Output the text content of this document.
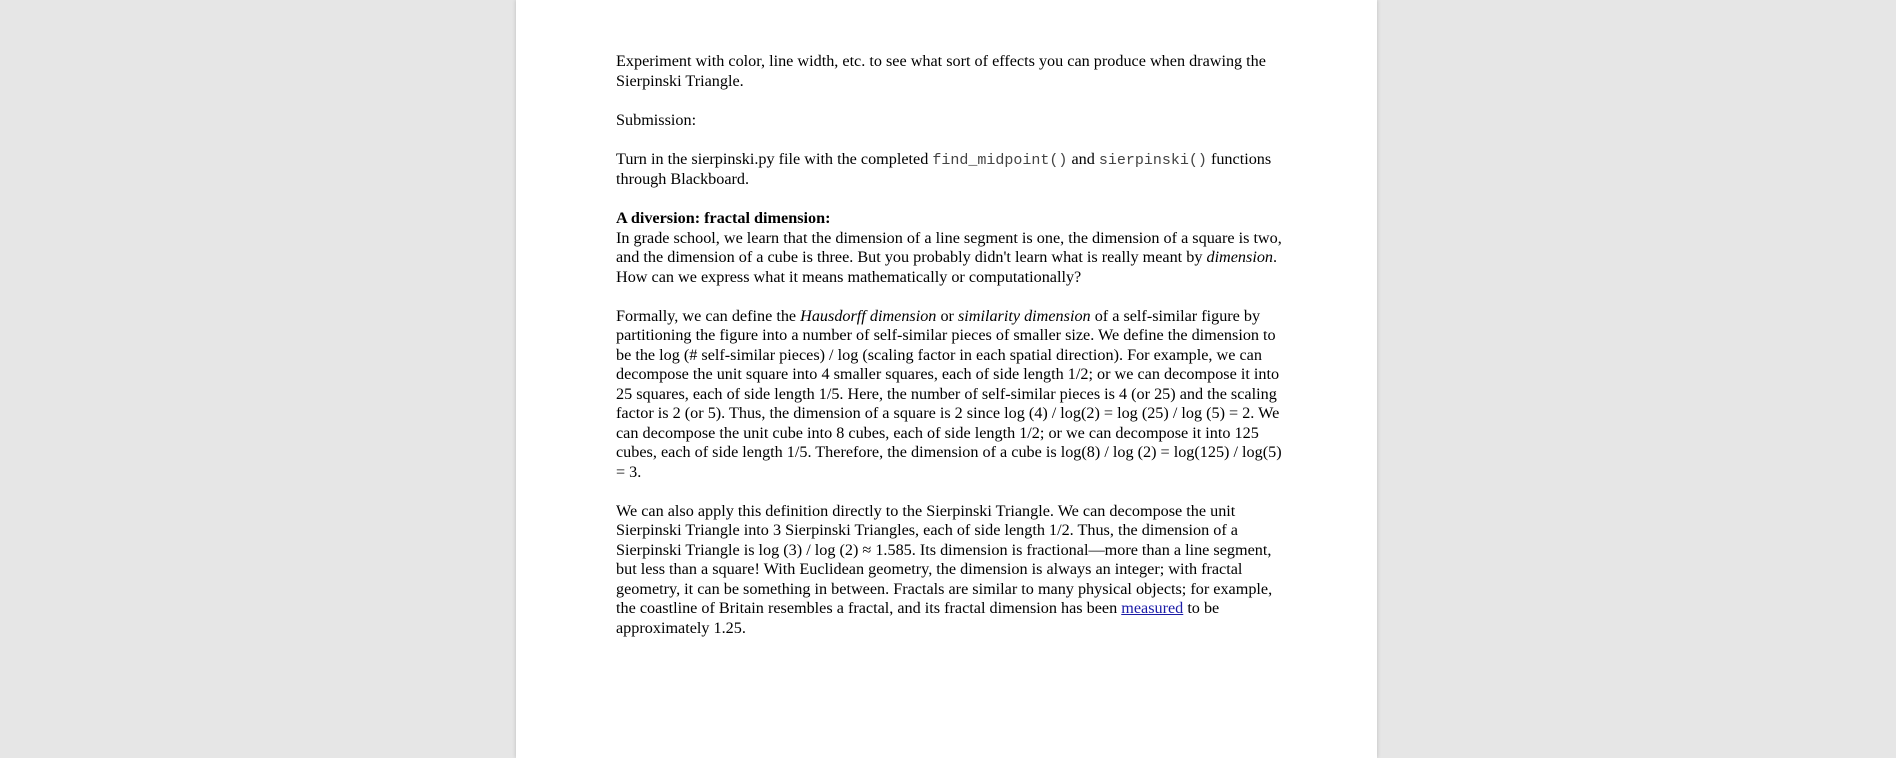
Experiment with color, line width, etc. to see what sort of effects you can produce when drawing the Sierpinski Triangle.

Submission:

Turn in the sierpinski.py file with the completed find_midpoint() and sierpinski() functions through Blackboard.

A diversion: fractal dimension:
In grade school, we learn that the dimension of a line segment is one, the dimension of a square is two, and the dimension of a cube is three. But you probably didn't learn what is really meant by dimension. How can we express what it means mathematically or computationally?

Formally, we can define the Hausdorff dimension or similarity dimension of a self-similar figure by partitioning the figure into a number of self-similar pieces of smaller size. We define the dimension to be the log (# self-similar pieces) / log (scaling factor in each spatial direction). For example, we can decompose the unit square into 4 smaller squares, each of side length 1/2; or we can decompose it into 25 squares, each of side length 1/5. Here, the number of self-similar pieces is 4 (or 25) and the scaling factor is 2 (or 5). Thus, the dimension of a square is 2 since log (4) / log(2) = log (25) / log (5) = 2. We can decompose the unit cube into 8 cubes, each of side length 1/2; or we can decompose it into 125 cubes, each of side length 1/5. Therefore, the dimension of a cube is log(8) / log (2) = log(125) / log(5) = 3.

We can also apply this definition directly to the Sierpinski Triangle. We can decompose the unit Sierpinski Triangle into 3 Sierpinski Triangles, each of side length 1/2. Thus, the dimension of a Sierpinski Triangle is log (3) / log (2) ≈ 1.585. Its dimension is fractional—more than a line segment, but less than a square! With Euclidean geometry, the dimension is always an integer; with fractal geometry, it can be something in between. Fractals are similar to many physical objects; for example, the coastline of Britain resembles a fractal, and its fractal dimension has been measured to be approximately 1.25.
